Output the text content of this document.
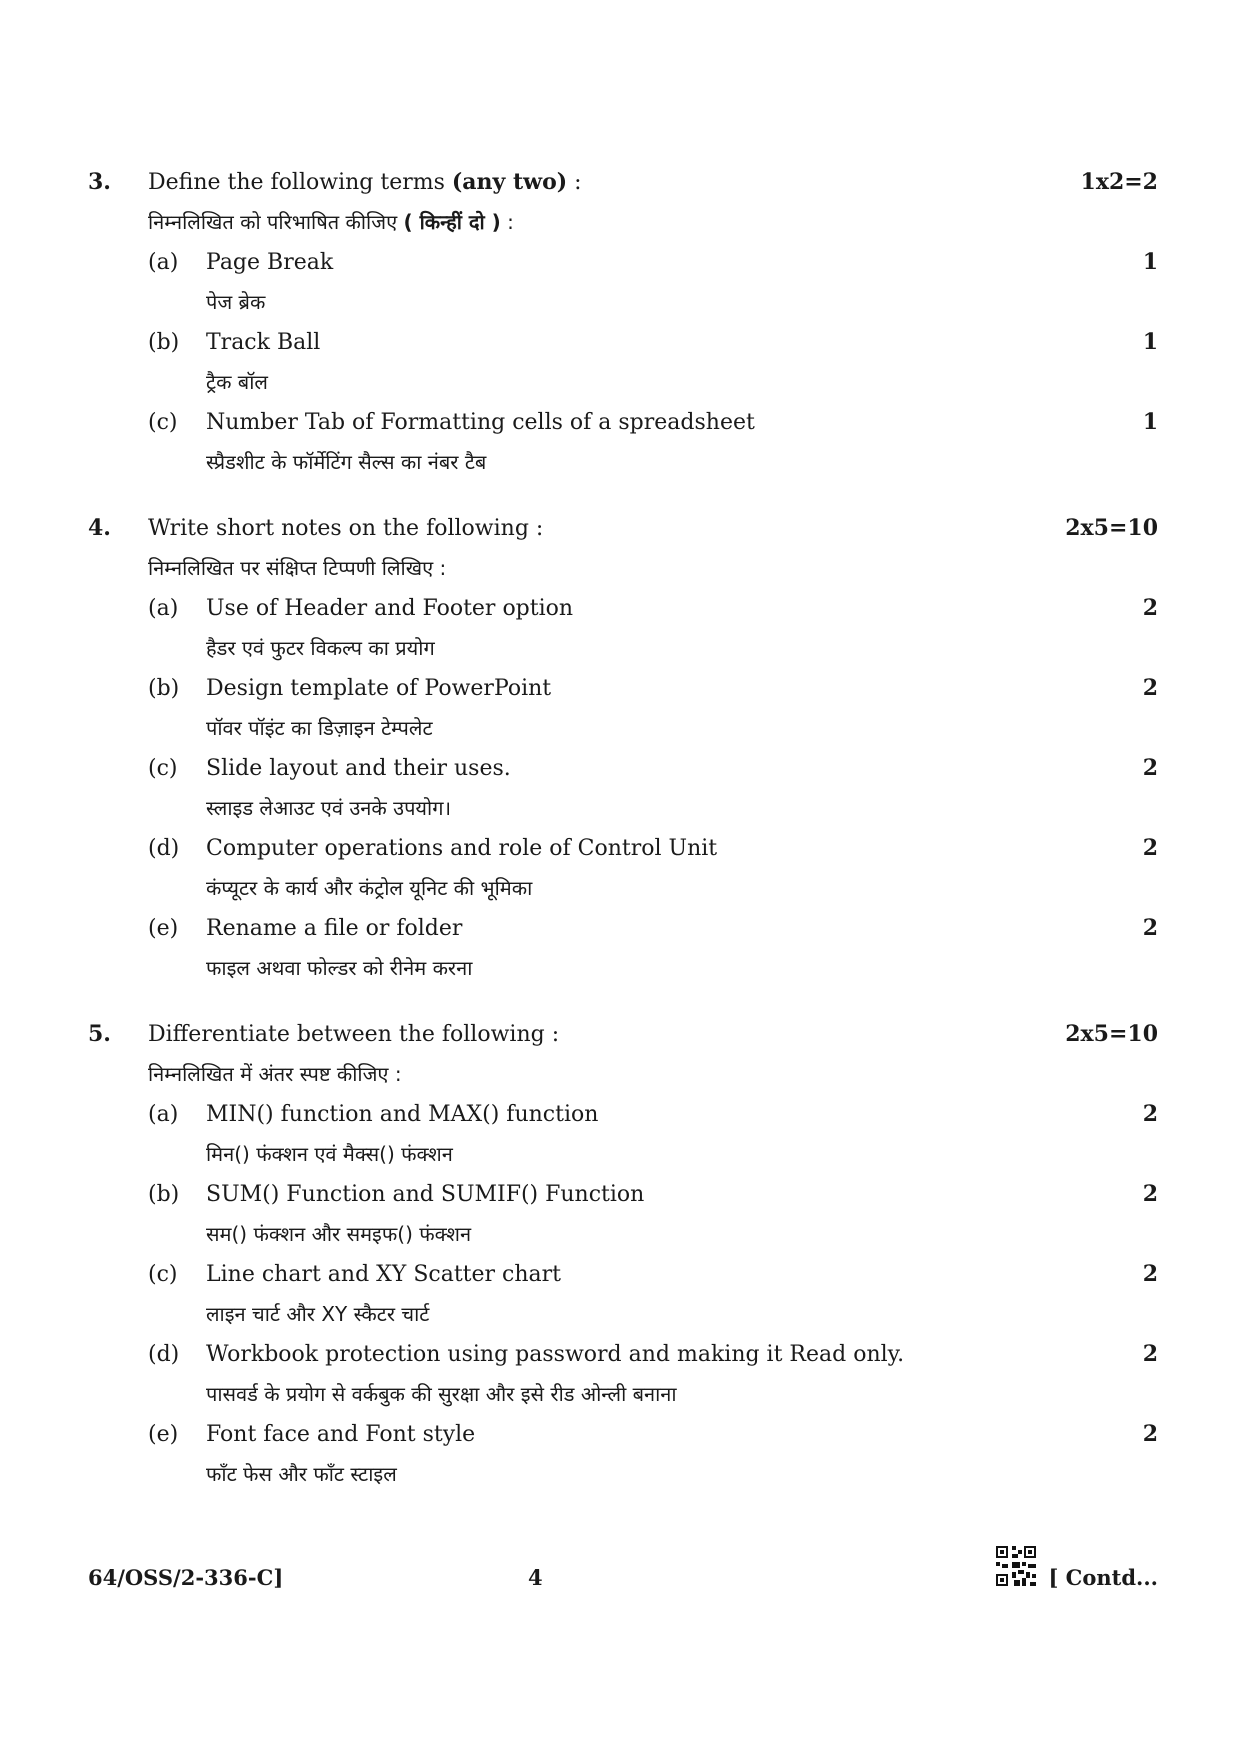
3.	Define the following terms (any two) :	1x2=2
निम्नलिखित को परिभाषित कीजिए ( किन्हीं दो ) :
(a)	Page Break	1
पेज ब्रेक
(b)	Track Ball	1
ट्रैक बॉल
(c)	Number Tab of Formatting cells of a spreadsheet	1
स्प्रैडशीट के फॉर्मेटिंग सैल्स का नंबर टैब
4.	Write short notes on the following :	2x5=10
निम्नलिखित पर संक्षिप्त टिप्पणी लिखिए :
(a)	Use of Header and Footer option	2
हैडर एवं फुटर विकल्प का प्रयोग
(b)	Design template of PowerPoint	2
पॉवर पॉइंट का डिज़ाइन टेम्पलेट
(c)	Slide layout and their uses.	2
स्लाइड लेआउट एवं उनके उपयोग।
(d)	Computer operations and role of Control Unit	2
कंप्यूटर के कार्य और कंट्रोल यूनिट की भूमिका
(e)	Rename a file or folder	2
फाइल अथवा फोल्डर को रीनेम करना
5.	Differentiate between the following :	2x5=10
निम्नलिखित में अंतर स्पष्ट कीजिए :
(a)	MIN() function and MAX() function	2
मिन() फंक्शन एवं मैक्स() फंक्शन
(b)	SUM() Function and SUMIF() Function	2
सम() फंक्शन और समइफ() फंक्शन
(c)	Line chart and XY Scatter chart	2
लाइन चार्ट और XY स्कैटर चार्ट
(d)	Workbook protection using password and making it Read only.	2
पासवर्ड के प्रयोग से वर्कबुक की सुरक्षा और इसे रीड ओन्ली बनाना
(e)	Font face and Font style	2
फाँट फेस और फाँट स्टाइल
64/OSS/2-336-C]	4	[ Contd...
